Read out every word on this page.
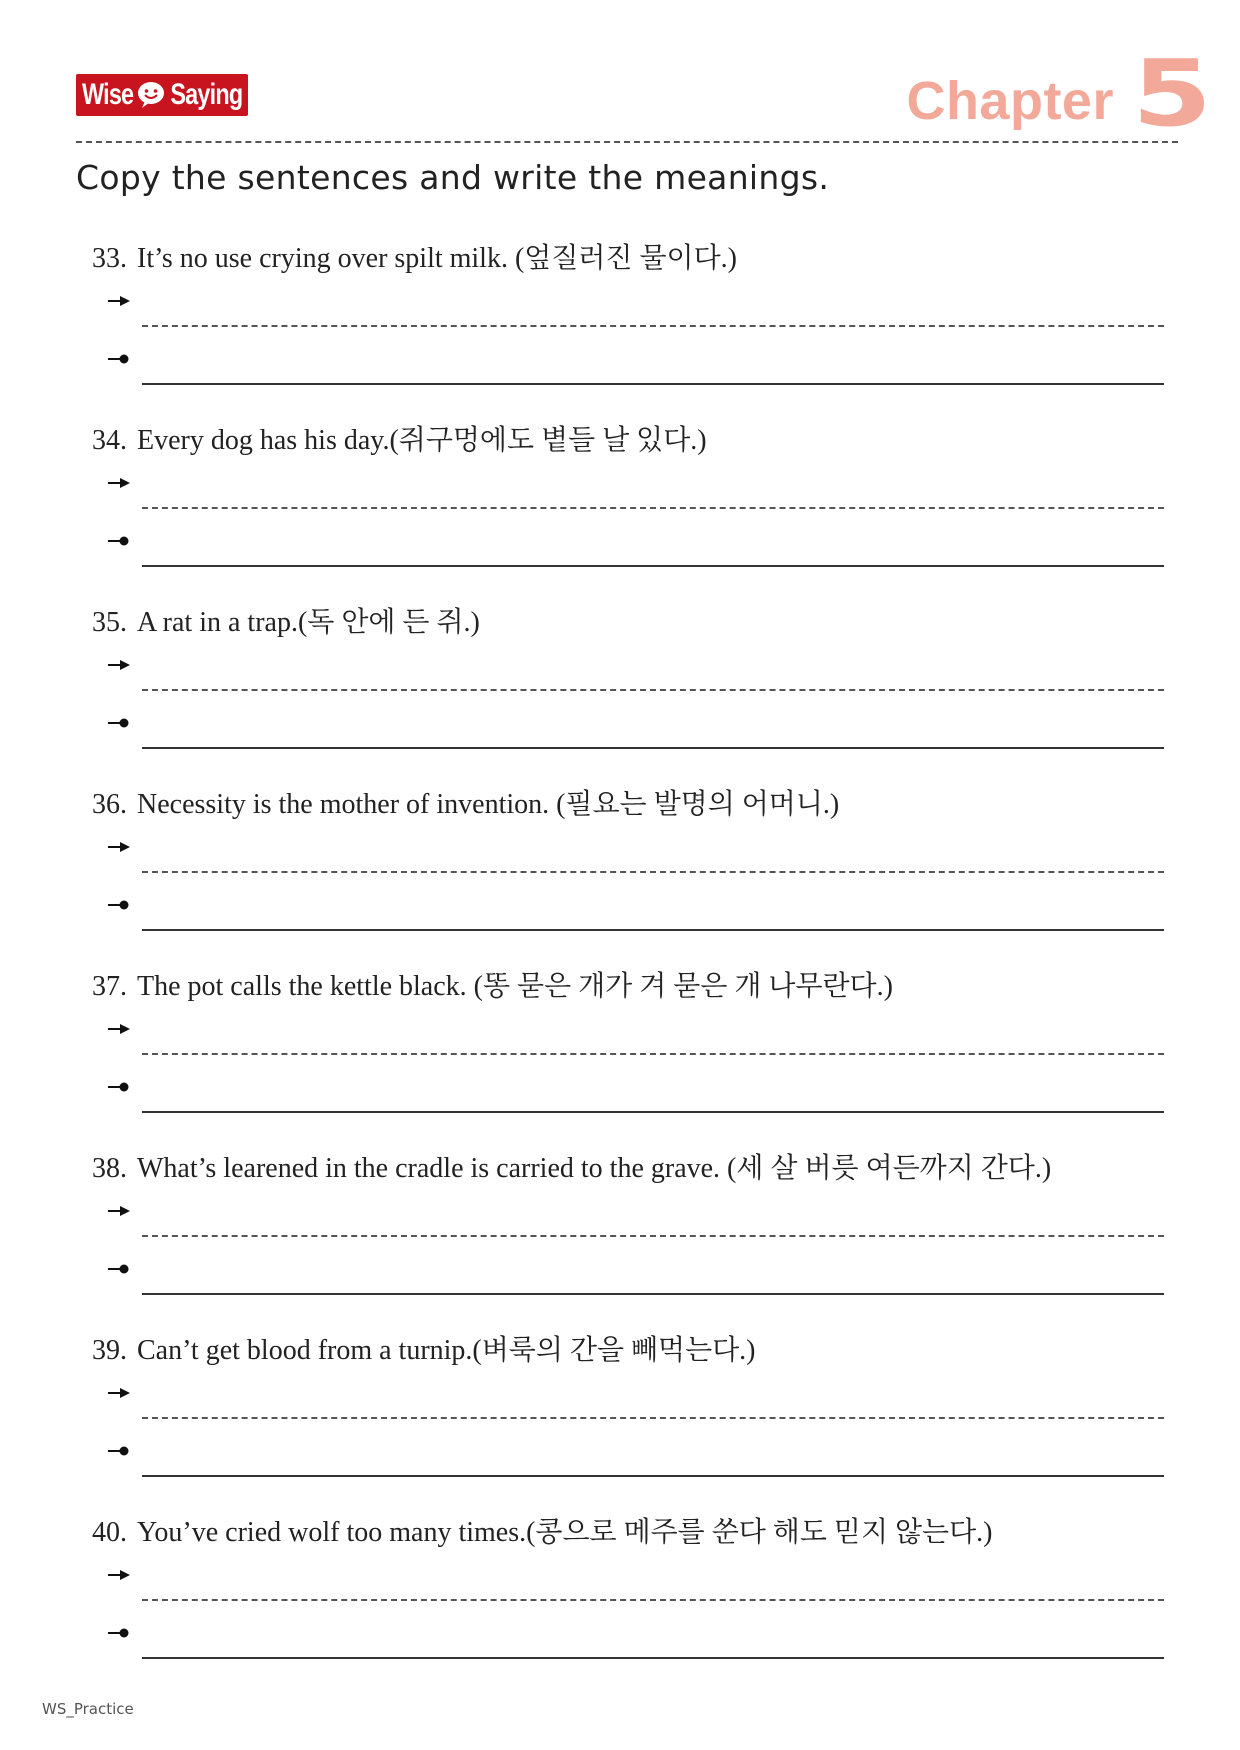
Wise Saying	Chapter 5
Copy the sentences and write the meanings.
33. It’s no use crying over spilt milk. (엎질러진 물이다.)
34. Every dog has his day.(쥐구멍에도 볕들 날 있다.)
35. A rat in a trap.(독 안에 든 쥐.)
36. Necessity is the mother of invention. (필요는 발명의 어머니.)
37. The pot calls the kettle black. (똥 묻은 개가 겨 묻은 개 나무란다.)
38. What’s learened in the cradle is carried to the grave. (세 살 버릇 여든까지 간다.)
39. Can’t get blood from a turnip.(벼룩의 간을 빼먹는다.)
40. You’ve cried wolf too many times.(콩으로 메주를 쑨다 해도 믿지 않는다.)
WS_Practice
